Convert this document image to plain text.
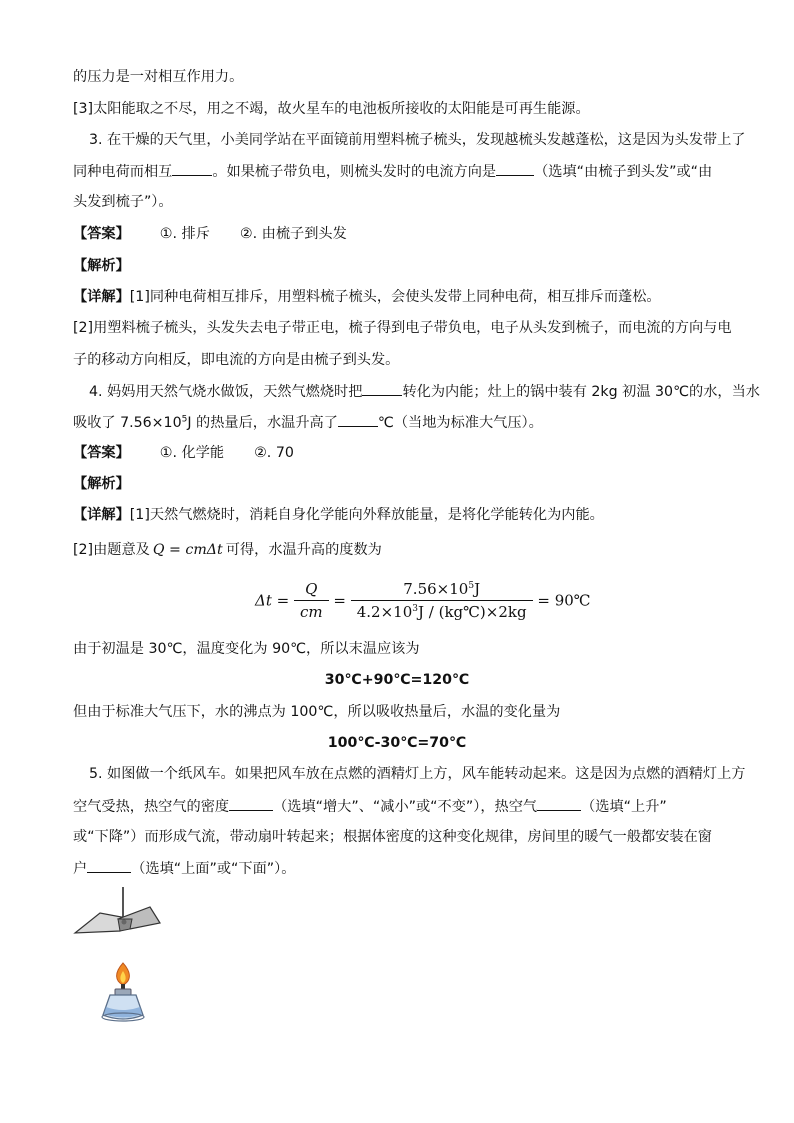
的压力是一对相互作用力。
[3]太阳能取之不尽，用之不竭，故火星车的电池板所接收的太阳能是可再生能源。
3. 在干燥的天气里，小美同学站在平面镜前用塑料梳子梳头，发现越梳头发越蓬松，这是因为头发带上了
同种电荷而相互	。如果梳子带负电，则梳头发时的电流方向是	（选填“由梳子到头发”或“由
头发到梳子”）。
【答案】 ①. 排斥 ②. 由梳子到头发
【解析】
【详解】[1]同种电荷相互排斥，用塑料梳子梳头，会使头发带上同种电荷，相互排斥而蓬松。
[2]用塑料梳子梳头，头发失去电子带正电，梳子得到电子带负电，电子从头发到梳子，而电流的方向与电
子的移动方向相反，即电流的方向是由梳子到头发。
4. 妈妈用天然气烧水做饭，天然气燃烧时把	转化为内能；灶上的锅中装有 2kg 初温 30℃的水，当水
吸收了 $7.56\times 10^5J$ 的热量后，水温升高了	℃（当地为标准大气压）。
【答案】 ①. 化学能 ②. 70
【解析】
【详解】[1]天然气燃烧时，消耗自身化学能向外释放能量，是将化学能转化为内能。
[2]由题意及 Q = cmΔt 可得，水温升高的度数为
$\Delta t = \frac{Q}{cm} = \frac{7.56\times 10^5J}{4.2\times 10^3J / (kg℃)\times 2kg}$ = 90℃
由于初温是 30℃，温度变化为 90℃，所以末温应该为
30℃+90℃=120℃
但由于标准大气压下，水的沸点为 100℃，所以吸收热量后，水温的变化量为
100℃-30℃=70℃
5. 如图做一个纸风车。如果把风车放在点燃的酒精灯上方，风车能转动起来。这是因为点燃的酒精灯上方
空气受热，热空气的密度	（选填“增大”、“减小”或“不变”），热空气	（选填“上升”
或“下降”）而形成气流，带动扇叶转起来；根据体密度的这种变化规律，房间里的暖气一般都安装在窗
户	（选填“上面”或“下面”）。
